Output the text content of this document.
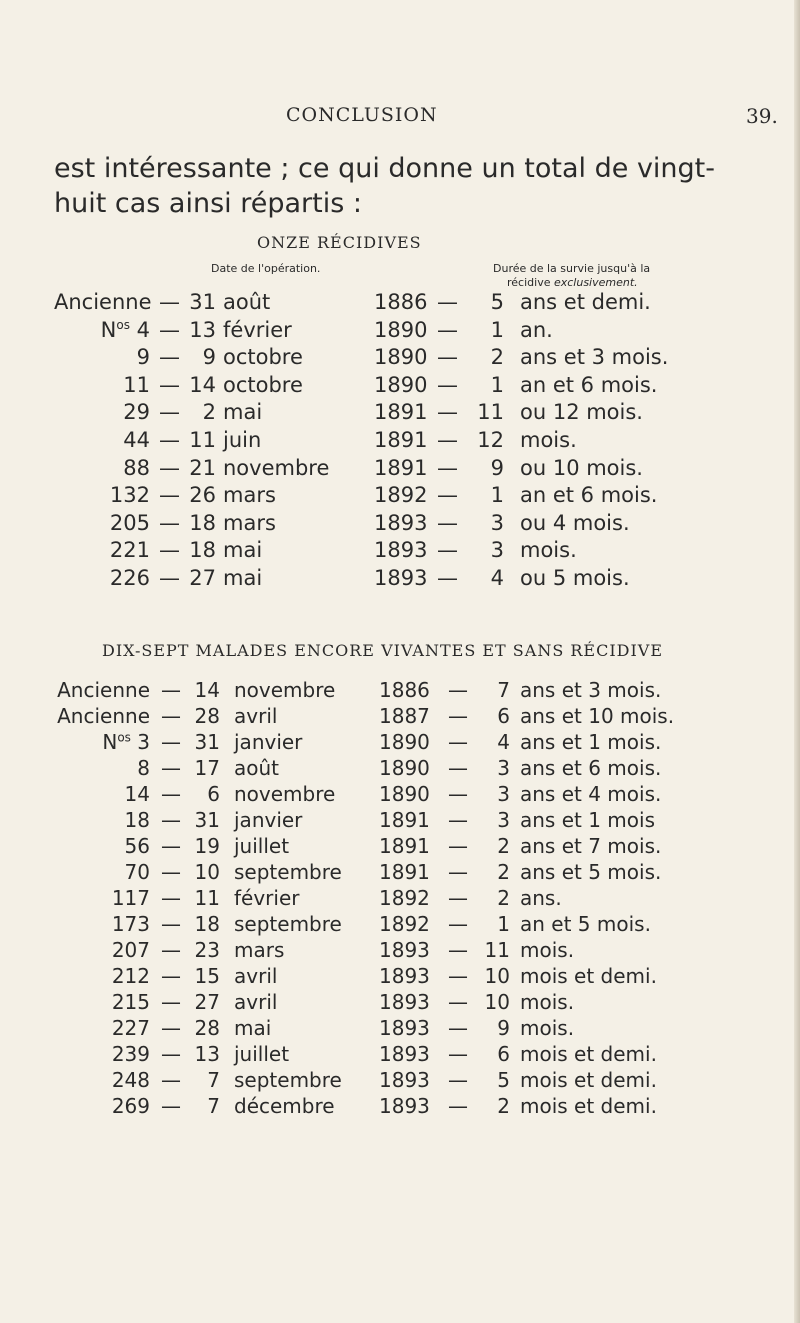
CONCLUSION	39.
est intéressante ; ce qui donne un total de vingt-huit cas ainsi répartis :
ONZE RÉCIDIVES
Date de l'opération.	Durée de la survie jusqu'à la
récidive exclusivement.
Ancienne — 31 août	1886 —	5 ans et demi.
$N^{os}$ 4 — 13 février	1890 —	1 an.
9 —	9 octobre	1890 —	2 ans et 3 mois.
11 — 14 octobre	1890 —	1 an et 6 mois.
29 —	2 mai	1891 — 11 ou 12 mois.
44 — 11 juin	1891 — 12 mois.
88 — 21 novembre 1891 —	9 ou 10 mois.
132 — 26 mars	1892 —	1 an et 6 mois.
205 — 18 mars	1893 —	3 ou 4 mois.
221 — 18 mai	1893 —	3 mois.
226 — 27 mai	1893 —	4 ou 5 mois.
DIX-SEPT MALADES ENCORE VIVANTES ET SANS RÉCIDIVE
Ancienne — 14 novembre 1886 —	7 ans et 3 mois.
Ancienne — 28 avril	1887 —	6 ans et 10 mois.
$N^{os}$ 3 — 31 janvier	1890 —	4 ans et 1 mois.
8 — 17 août	1890 —	3 ans et 6 mois.
14 —	6 novembre 1890 —	3 ans et 4 mois.
18 — 31 janvier	1891 —	3 ans et 1 mois
56 — 19 juillet	1891 —	2 ans et 7 mois.
70 — 10 septembre 1891 —	2 ans et 5 mois.
117 — 11 février	1892 —	2 ans.
173 — 18 septembre 1892 —	1 an et 5 mois.
207 — 23 mars	1893 — 11 mois.
212 — 15 avril	1893 — 10 mois et demi.
215 — 27 avril	1893 — 10 mois.
227 — 28 mai	1893 —	9 mois.
239 — 13 juillet	1893 —	6 mois et demi.
248 —	7 septembre 1893 —	5 mois et demi.
269 —	7 décembre 1893 —	2 mois et demi.
